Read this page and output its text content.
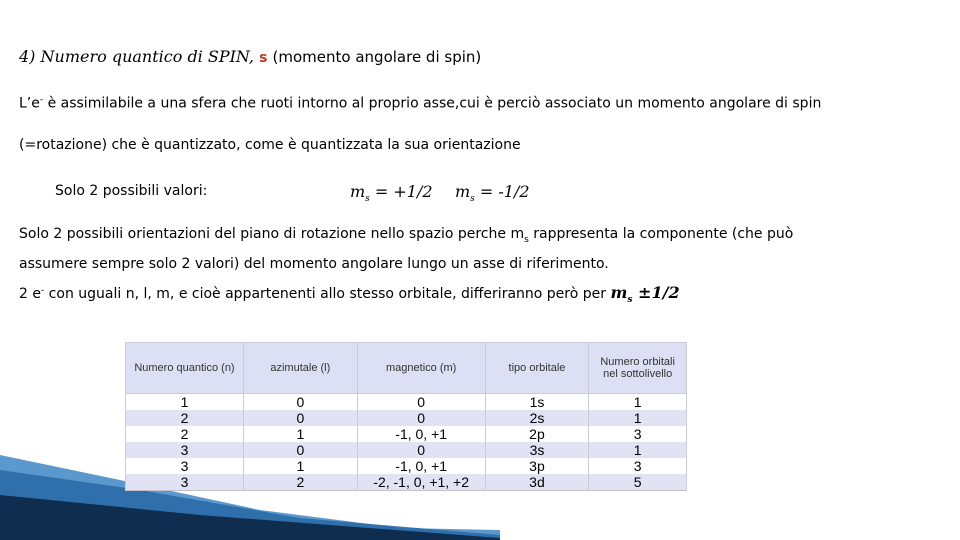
4) Numero quantico di SPIN, s (momento angolare di spin)
L’e- è assimilabile a una sfera che ruoti intorno al proprio asse,cui è perciò associato un momento angolare di spin
(=rotazione) che è quantizzato, come è quantizzata la sua orientazione
Solo 2 possibili valori:	$m_s = +1/2$ $m_s = -1/2$
Solo 2 possibili orientazioni del piano di rotazione nello spazio perche $m_s$ rappresenta la componente (che può
assumere sempre solo 2 valori) del momento angolare lungo un asse di riferimento.
2 e- con uguali n, l, m, e cioè appartenenti allo stesso orbitale, differiranno però per $m_s \pm 1/2$
Numero quantico (n)	azimutale (l)	magnetico (m)	tipo orbitale	Numero orbitali nel sottolivello
1	0	0	1s	1
2	0	0	2s	1
2	1	-1, 0, +1	2p	3
3	0	0	3s	1
3	1	-1, 0, +1	3p	3
3	2	-2, -1, 0, +1, +2	3d	5
